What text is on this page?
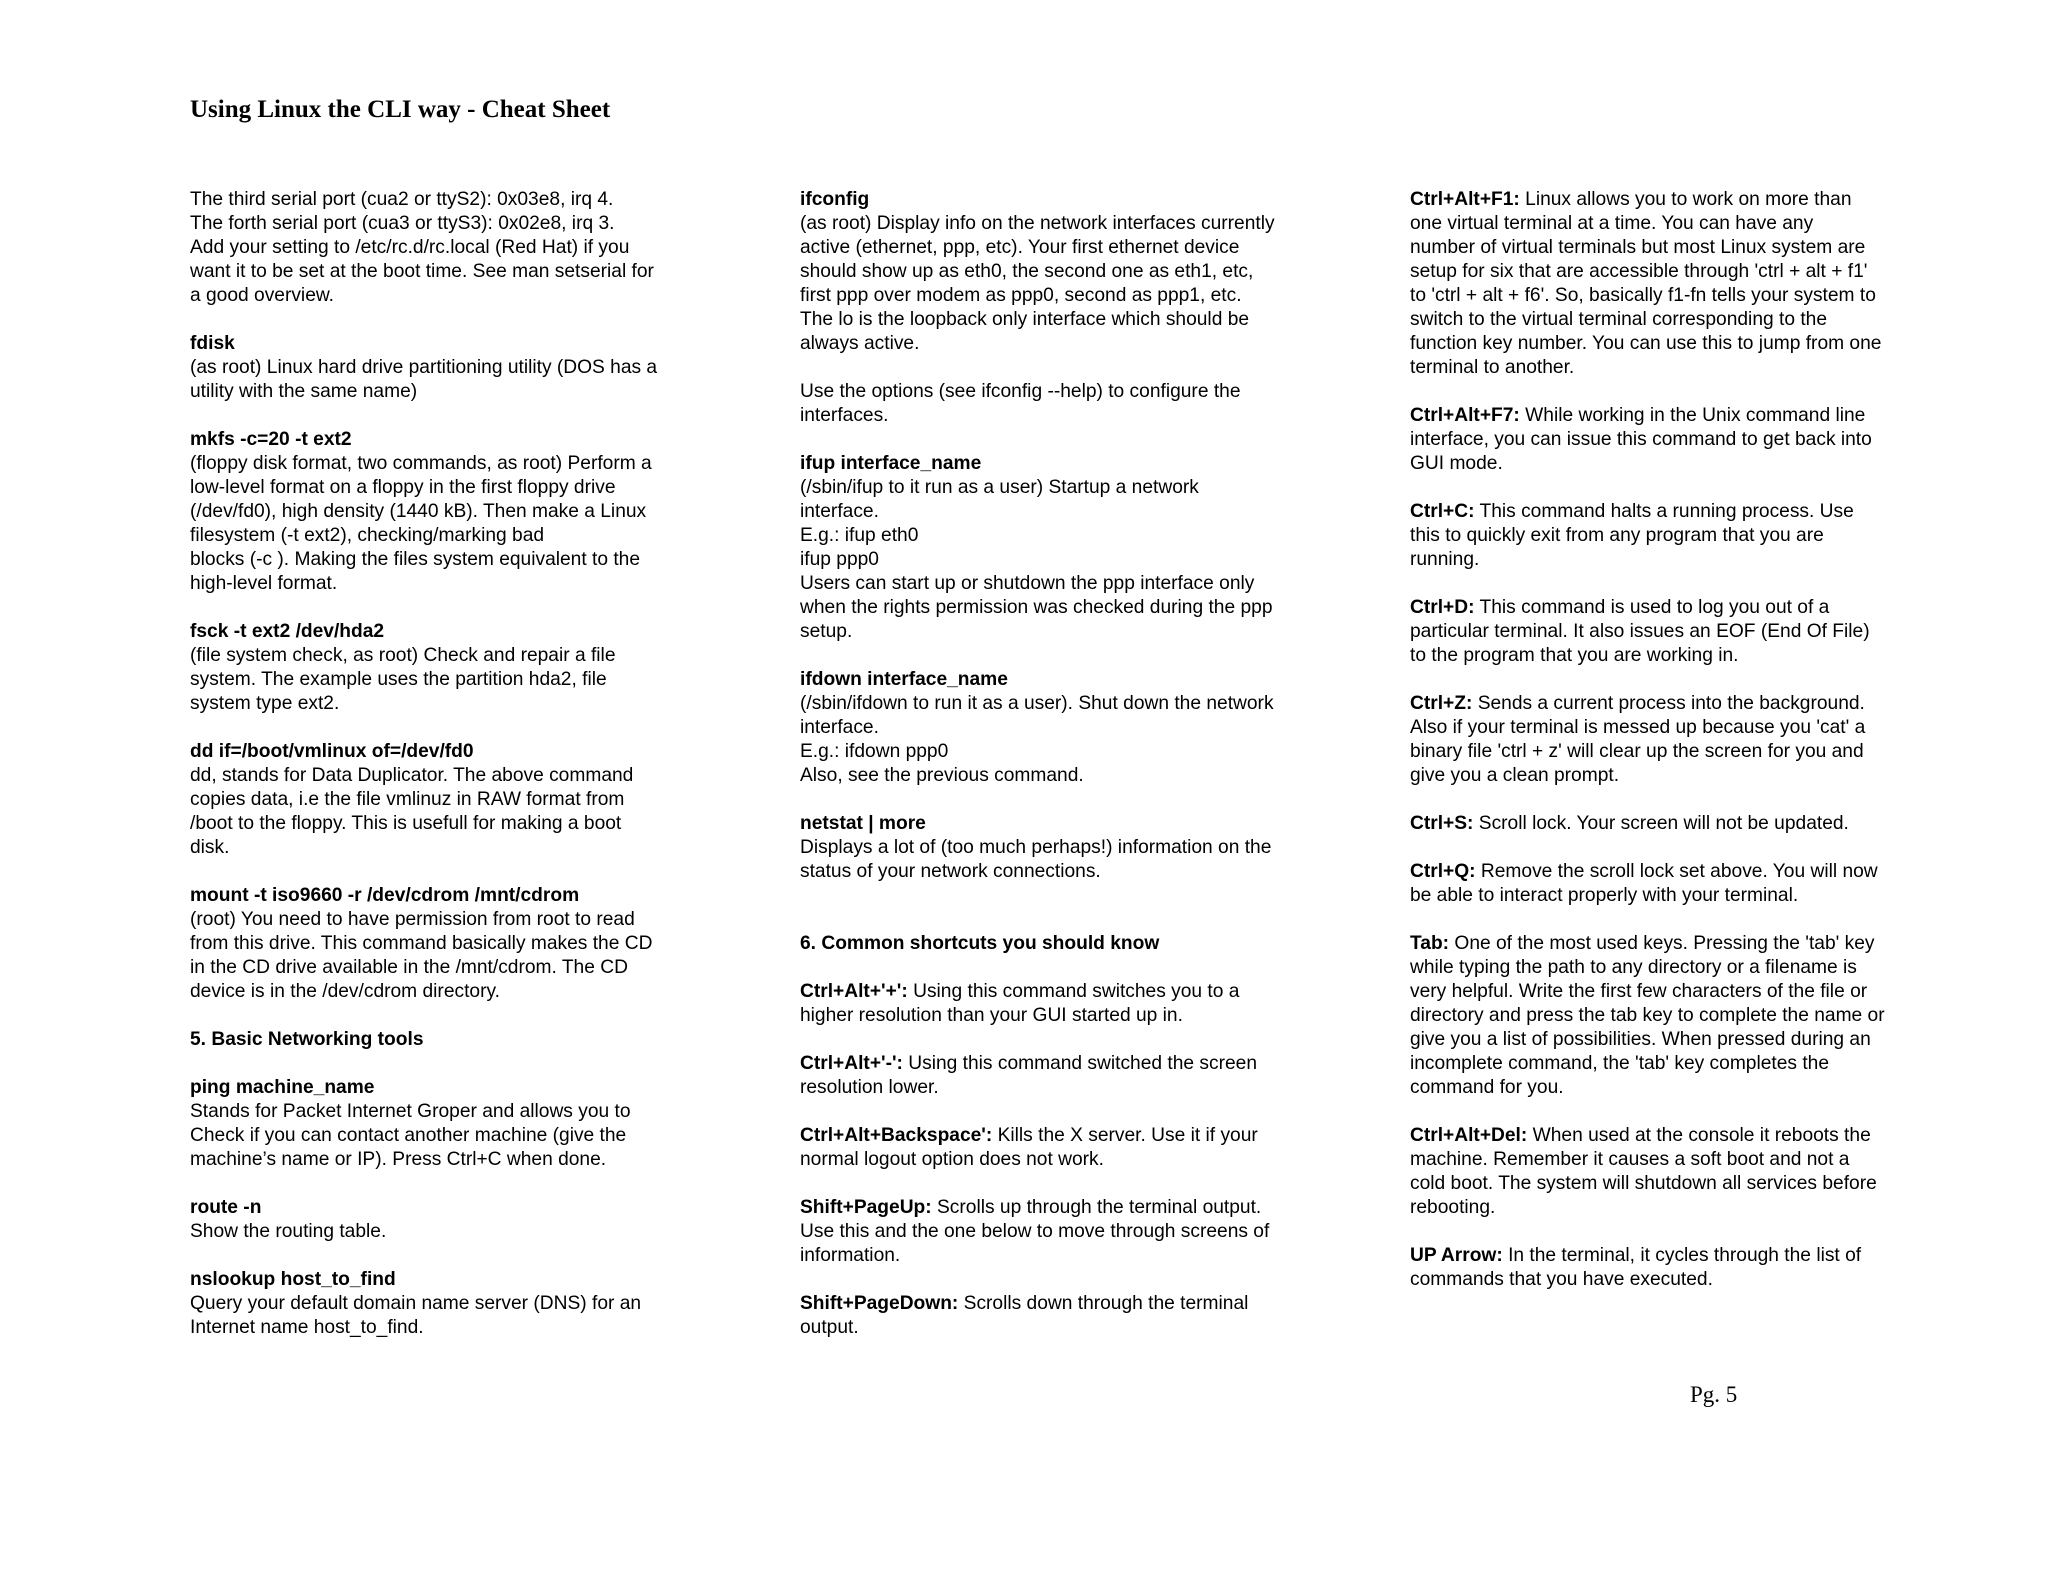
Using Linux the CLI way - Cheat Sheet
The third serial port (cua2 or ttyS2): 0x03e8, irq 4.
The forth serial port (cua3 or ttyS3): 0x02e8, irq 3.
Add your setting to /etc/rc.d/rc.local (Red Hat) if you
want it to be set at the boot time. See man setserial for
a good overview.
fdisk
(as root) Linux hard drive partitioning utility (DOS has a
utility with the same name)
mkfs -c=20 -t ext2
(floppy disk format, two commands, as root) Perform a
low-level format on a floppy in the first floppy drive
(/dev/fd0), high density (1440 kB). Then make a Linux
filesystem (-t ext2), checking/marking bad
blocks (-c ). Making the files system equivalent to the
high-level format.
fsck -t ext2 /dev/hda2
(file system check, as root) Check and repair a file
system. The example uses the partition hda2, file
system type ext2.
dd if=/boot/vmlinux of=/dev/fd0
dd, stands for Data Duplicator. The above command
copies data, i.e the file vmlinuz in RAW format from
/boot to the floppy. This is usefull for making a boot
disk.
mount -t iso9660 -r /dev/cdrom /mnt/cdrom
(root) You need to have permission from root to read
from this drive. This command basically makes the CD
in the CD drive available in the /mnt/cdrom. The CD
device is in the /dev/cdrom directory.
5. Basic Networking tools
ping machine_name
Stands for Packet Internet Groper and allows you to
Check if you can contact another machine (give the
machine’s name or IP). Press Ctrl+C when done.
route -n
Show the routing table.
nslookup host_to_find
Query your default domain name server (DNS) for an
Internet name host_to_find.
ifconfig
(as root) Display info on the network interfaces currently
active (ethernet, ppp, etc). Your first ethernet device
should show up as eth0, the second one as eth1, etc,
first ppp over modem as ppp0, second as ppp1, etc.
The lo is the loopback only interface which should be
always active.
Use the options (see ifconfig --help) to configure the
interfaces.
ifup interface_name
(/sbin/ifup to it run as a user) Startup a network
interface.
E.g.: ifup eth0
ifup ppp0
Users can start up or shutdown the ppp interface only
when the rights permission was checked during the ppp
setup.
ifdown interface_name
(/sbin/ifdown to run it as a user). Shut down the network
interface.
E.g.: ifdown ppp0
Also, see the previous command.
netstat | more
Displays a lot of (too much perhaps!) information on the
status of your network connections.
6. Common shortcuts you should know
Ctrl+Alt+'+': Using this command switches you to a
higher resolution than your GUI started up in.
Ctrl+Alt+'-': Using this command switched the screen
resolution lower.
Ctrl+Alt+Backspace': Kills the X server. Use it if your
normal logout option does not work.
Shift+PageUp: Scrolls up through the terminal output.
Use this and the one below to move through screens of
information.
Shift+PageDown: Scrolls down through the terminal
output.
Ctrl+Alt+F1: Linux allows you to work on more than
one virtual terminal at a time. You can have any
number of virtual terminals but most Linux system are
setup for six that are accessible through 'ctrl + alt + f1'
to 'ctrl + alt + f6'. So, basically f1-fn tells your system to
switch to the virtual terminal corresponding to the
function key number. You can use this to jump from one
terminal to another.
Ctrl+Alt+F7: While working in the Unix command line
interface, you can issue this command to get back into
GUI mode.
Ctrl+C: This command halts a running process. Use
this to quickly exit from any program that you are
running.
Ctrl+D: This command is used to log you out of a
particular terminal. It also issues an EOF (End Of File)
to the program that you are working in.
Ctrl+Z: Sends a current process into the background.
Also if your terminal is messed up because you 'cat' a
binary file 'ctrl + z' will clear up the screen for you and
give you a clean prompt.
Ctrl+S: Scroll lock. Your screen will not be updated.
Ctrl+Q: Remove the scroll lock set above. You will now
be able to interact properly with your terminal.
Tab: One of the most used keys. Pressing the 'tab' key
while typing the path to any directory or a filename is
very helpful. Write the first few characters of the file or
directory and press the tab key to complete the name or
give you a list of possibilities. When pressed during an
incomplete command, the 'tab' key completes the
command for you.
Ctrl+Alt+Del: When used at the console it reboots the
machine. Remember it causes a soft boot and not a
cold boot. The system will shutdown all services before
rebooting.
UP Arrow: In the terminal, it cycles through the list of
commands that you have executed.
Pg. 5
